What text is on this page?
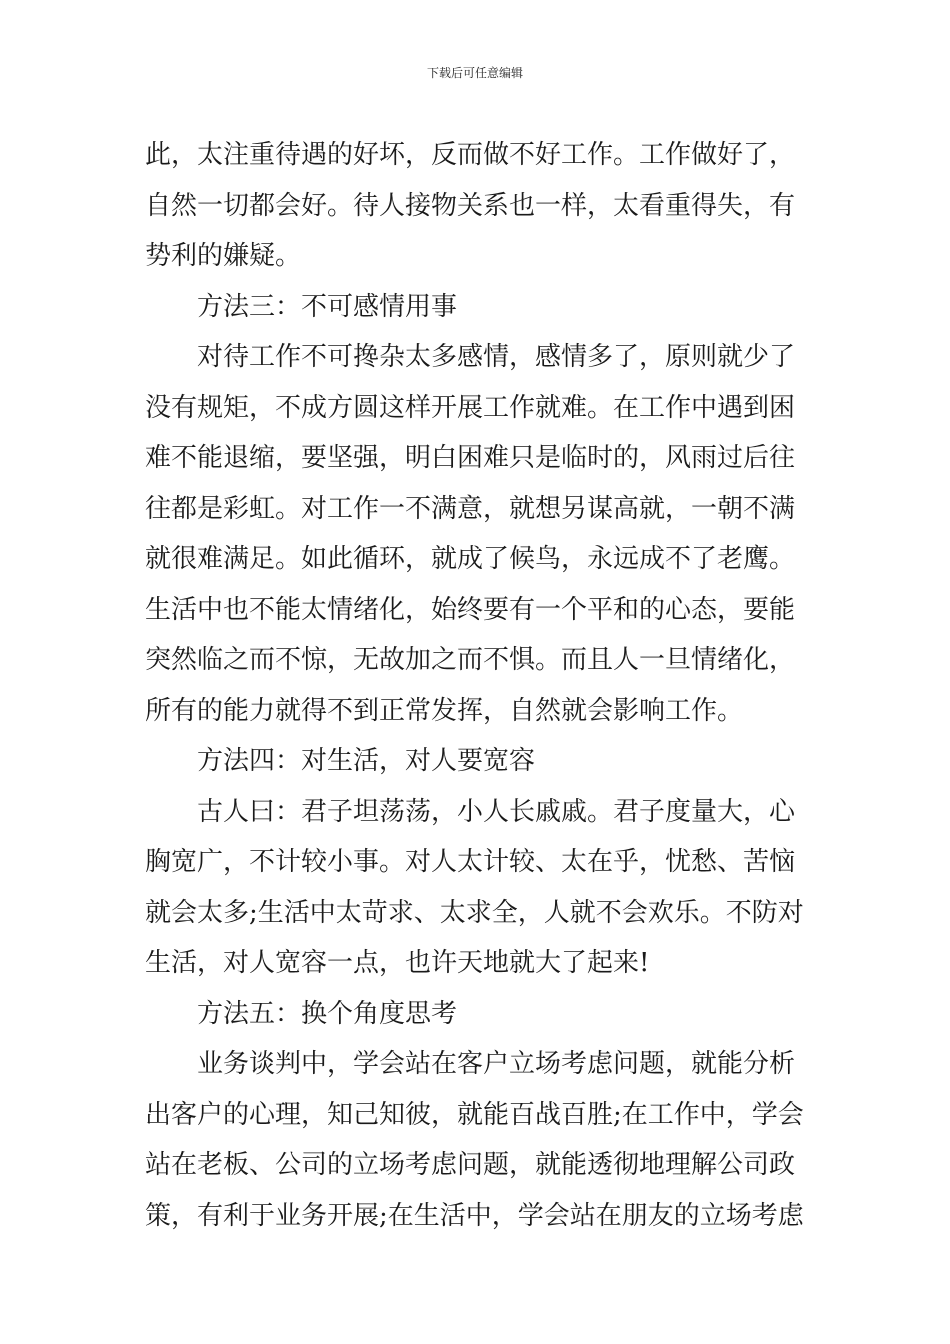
下载后可任意编辑
此，太注重待遇的好坏，反而做不好工作。工作做好了，
自然一切都会好。待人接物关系也一样，太看重得失，有
势利的嫌疑。
方法三：不可感情用事
对待工作不可搀杂太多感情，感情多了，原则就少了
没有规矩，不成方圆这样开展工作就难。在工作中遇到困
难不能退缩，要坚强，明白困难只是临时的，风雨过后往
往都是彩虹。对工作一不满意，就想另谋高就，一朝不满
就很难满足。如此循环，就成了候鸟，永远成不了老鹰。
生活中也不能太情绪化，始终要有一个平和的心态，要能
突然临之而不惊，无故加之而不惧。而且人一旦情绪化，
所有的能力就得不到正常发挥，自然就会影响工作。
方法四：对生活，对人要宽容
古人曰：君子坦荡荡，小人长戚戚。君子度量大，心
胸宽广，不计较小事。对人太计较、太在乎，忧愁、苦恼
就会太多;生活中太苛求、太求全，人就不会欢乐。不防对
生活，对人宽容一点，也许天地就大了起来!
方法五：换个角度思考
业务谈判中，学会站在客户立场考虑问题，就能分析
出客户的心理，知己知彼，就能百战百胜;在工作中，学会
站在老板、公司的立场考虑问题，就能透彻地理解公司政
策，有利于业务开展;在生活中，学会站在朋友的立场考虑
